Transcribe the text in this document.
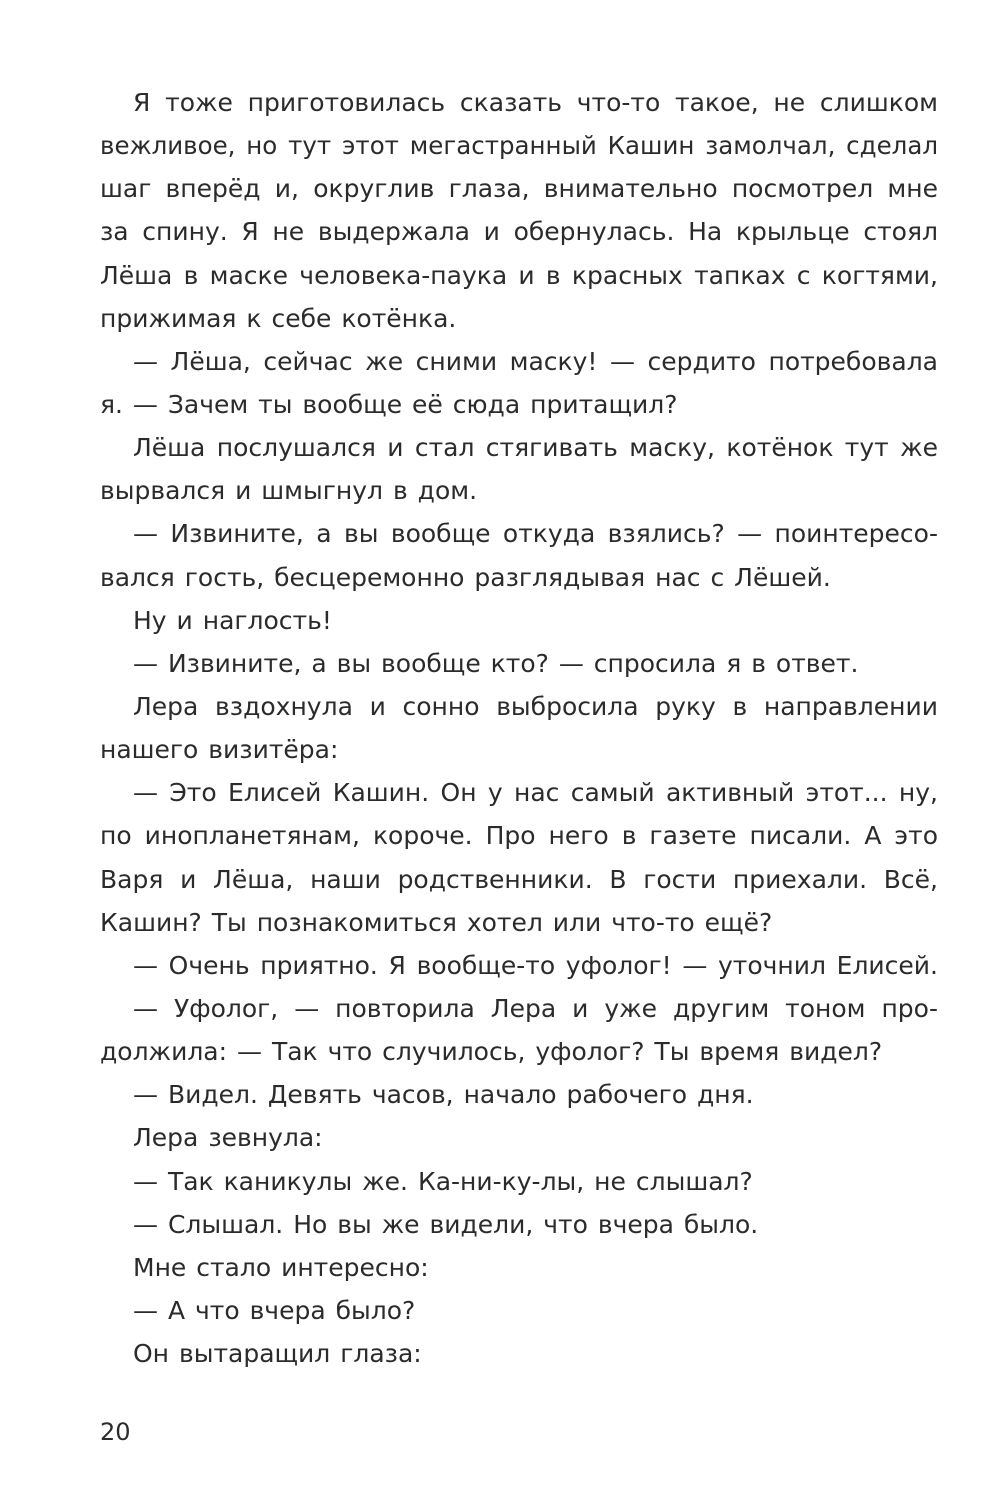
Я тоже приготовилась сказать что-то такое, не слишком
вежливое, но тут этот мегастранный Кашин замолчал, сделал
шаг вперёд и, округлив глаза, внимательно посмотрел мне
за спину. Я не выдержала и обернулась. На крыльце стоял
Лёша в маске человека-паука и в красных тапках с когтями,
прижимая к себе котёнка.
— Лёша, сейчас же сними маску! — сердито потребовала
я. — Зачем ты вообще её сюда притащил?
Лёша послушался и стал стягивать маску, котёнок тут же
вырвался и шмыгнул в дом.
— Извините, а вы вообще откуда взялись? — поинтересо-
вался гость, бесцеремонно разглядывая нас с Лёшей.
Ну и наглость!
— Извините, а вы вообще кто? — спросила я в ответ.
Лера вздохнула и сонно выбросила руку в направлении
нашего визитёра:
— Это Елисей Кашин. Он у нас самый активный этот... ну,
по инопланетянам, короче. Про него в газете писали. А это
Варя и Лёша, наши родственники. В гости приехали. Всё,
Кашин? Ты познакомиться хотел или что-то ещё?
— Очень приятно. Я вообще-то уфолог! — уточнил Елисей.
— Уфолог, — повторила Лера и уже другим тоном про-
должила: — Так что случилось, уфолог? Ты время видел?
— Видел. Девять часов, начало рабочего дня.
Лера зевнула:
— Так каникулы же. Ка-ни-ку-лы, не слышал?
— Слышал. Но вы же видели, что вчера было.
Мне стало интересно:
— А что вчера было?
Он вытаращил глаза:
20
